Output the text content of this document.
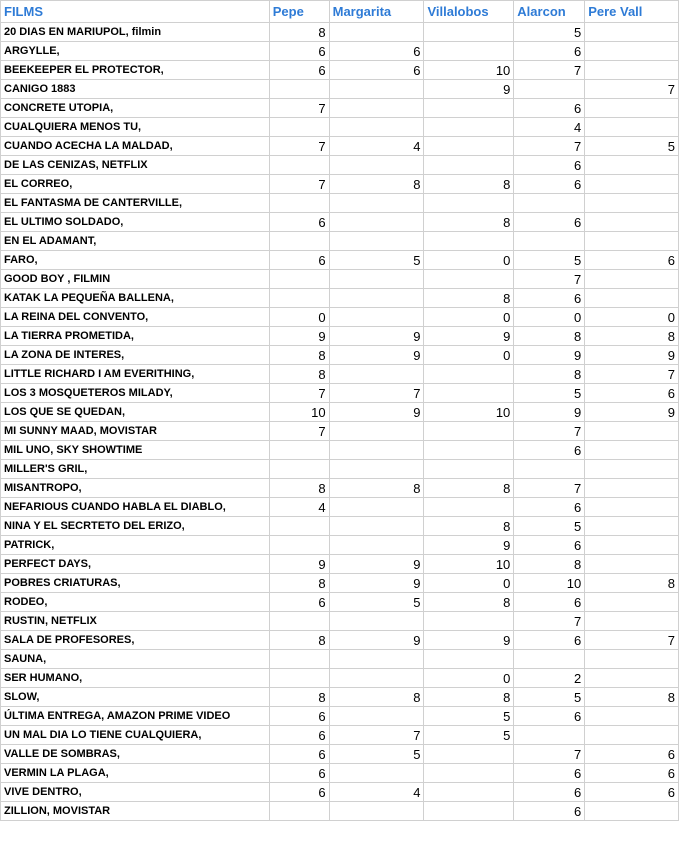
FILMS	Pepe	Margarita	Villalobos	Alarcon	Pere Vall
20 DIAS EN MARIUPOL, filmin	8			5	
ARGYLLE,	6	6		6	
BEEKEEPER EL PROTECTOR,	6	6	10	7	
CANIGO 1883			9		7
CONCRETE UTOPIA,	7			6	
CUALQUIERA MENOS TU,				4	
CUANDO ACECHA LA MALDAD,	7	4		7	5
DE LAS CENIZAS, NETFLIX				6	
EL CORREO,	7	8	8	6	
EL FANTASMA DE CANTERVILLE,					
EL ULTIMO SOLDADO,	6		8	6	
EN EL ADAMANT,					
FARO,	6	5	0	5	6
GOOD BOY , FILMIN				7	
KATAK LA PEQUEÑA BALLENA,			8	6	
LA REINA DEL CONVENTO,	0		0	0	0
LA TIERRA PROMETIDA,	9	9	9	8	8
LA ZONA DE INTERES,	8	9	0	9	9
LITTLE RICHARD I AM EVERITHING,	8			8	7
LOS 3 MOSQUETEROS MILADY,	7	7		5	6
LOS QUE SE QUEDAN,	10	9	10	9	9
MI SUNNY MAAD, MOVISTAR	7			7	
MIL UNO, SKY SHOWTIME				6	
MILLER'S GRIL,					
MISANTROPO,	8	8	8	7	
NEFARIOUS CUANDO HABLA EL DIABLO,	4			6	
NINA Y EL SECRTETO DEL ERIZO,			8	5	
PATRICK,			9	6	
PERFECT DAYS,	9	9	10	8	
POBRES CRIATURAS,	8	9	0	10	8
RODEO,	6	5	8	6	
RUSTIN, NETFLIX				7	
SALA DE PROFESORES,	8	9	9	6	7
SAUNA,					
SER HUMANO,			0	2	
SLOW,	8	8	8	5	8
ÚLTIMA ENTREGA, AMAZON PRIME VIDEO	6		5	6	
UN MAL DIA LO TIENE CUALQUIERA,	6	7	5		
VALLE DE SOMBRAS,	6	5		7	6
VERMIN LA PLAGA,	6			6	6
VIVE DENTRO,	6	4		6	6
ZILLION, MOVISTAR				6	
